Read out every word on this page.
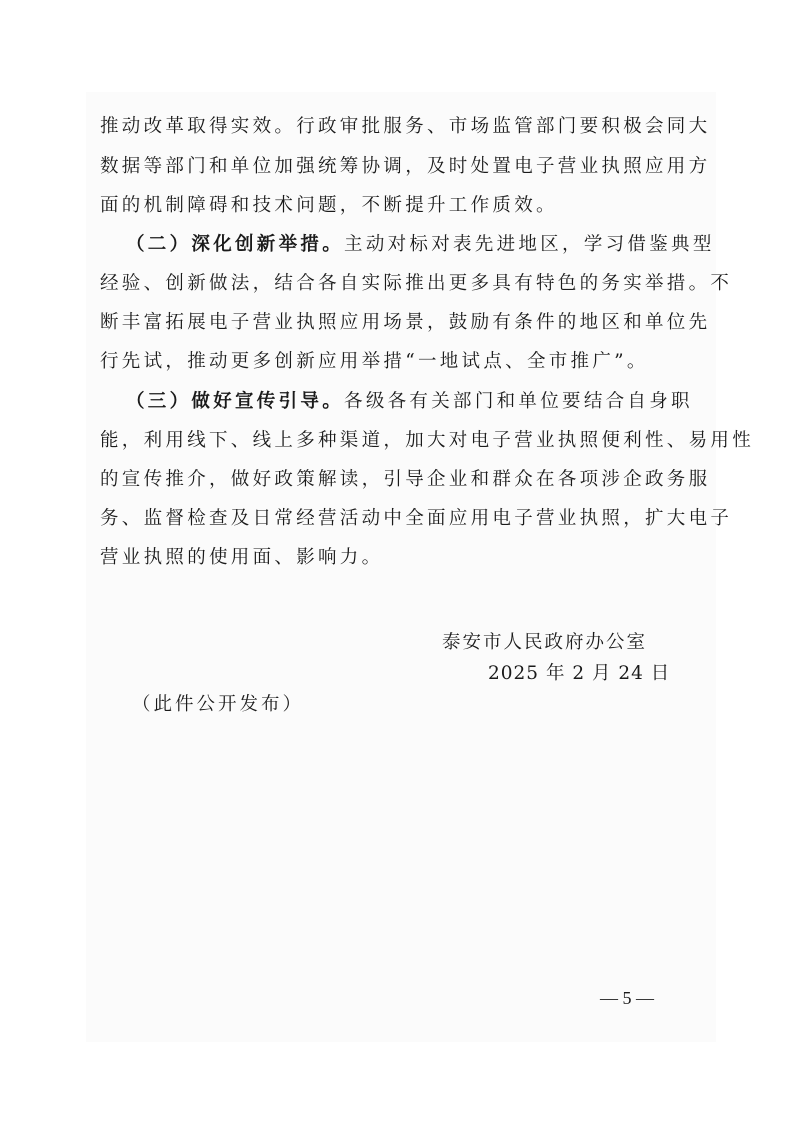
推动改革取得实效。行政审批服务、市场监管部门要积极会同大
数据等部门和单位加强统筹协调，及时处置电子营业执照应用方
面的机制障碍和技术问题，不断提升工作质效。
（二）深化创新举措。主动对标对表先进地区，学习借鉴典型
经验、创新做法，结合各自实际推出更多具有特色的务实举措。不
断丰富拓展电子营业执照应用场景，鼓励有条件的地区和单位先
行先试，推动更多创新应用举措“一地试点、全市推广”。
（三）做好宣传引导。各级各有关部门和单位要结合自身职
能，利用线下、线上多种渠道，加大对电子营业执照便利性、易用性
的宣传推介，做好政策解读，引导企业和群众在各项涉企政务服
务、监督检查及日常经营活动中全面应用电子营业执照，扩大电子
营业执照的使用面、影响力。
泰安市人民政府办公室
2025 年 2 月 24 日
（此件公开发布）
— 5 —
